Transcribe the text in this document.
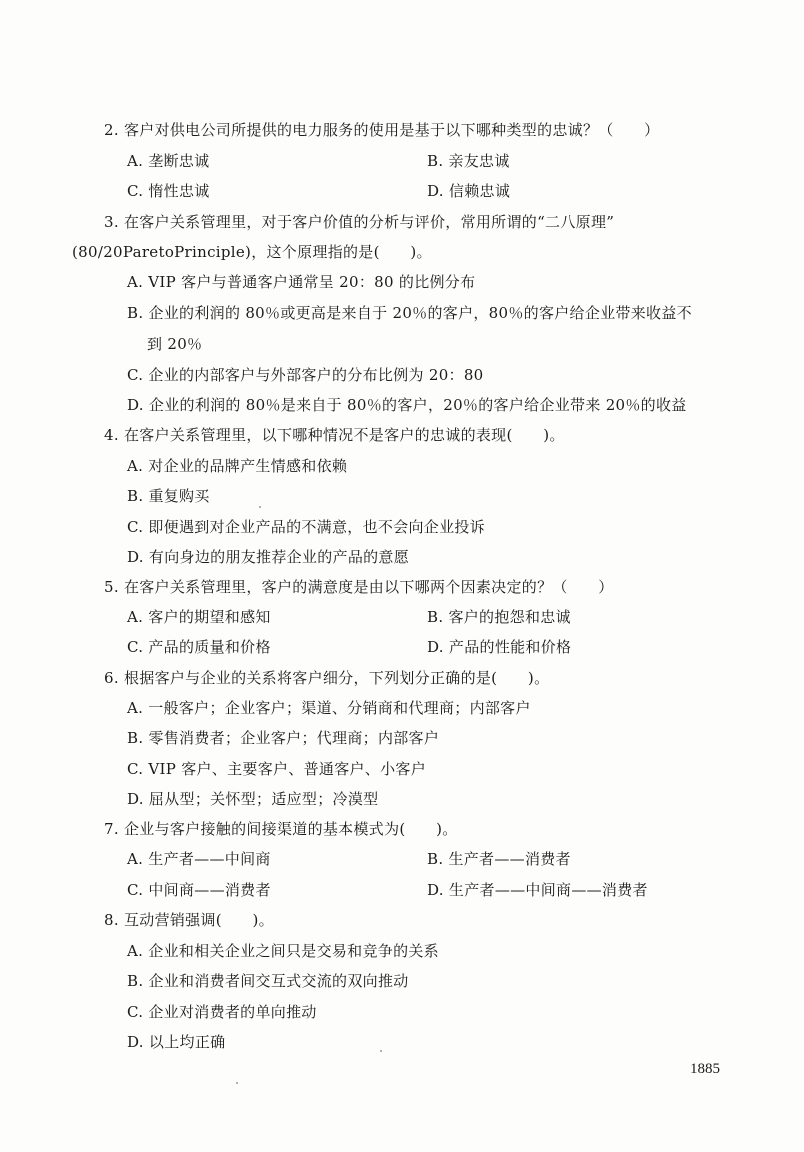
2. 客户对供电公司所提供的电力服务的使用是基于以下哪种类型的忠诚？（　　）
A. 垄断忠诚	B. 亲友忠诚
C. 惰性忠诚	D. 信赖忠诚
3. 在客户关系管理里，对于客户价值的分析与评价，常用所谓的“二八原理”
(80/20ParetoPrinciple)，这个原理指的是(　　)。
A. VIP 客户与普通客户通常呈 20：80 的比例分布
B. 企业的利润的 80％或更高是来自于 20％的客户，80％的客户给企业带来收益不
到 20％
C. 企业的内部客户与外部客户的分布比例为 20：80
D. 企业的利润的 80％是来自于 80％的客户，20％的客户给企业带来 20％的收益
4. 在客户关系管理里，以下哪种情况不是客户的忠诚的表现(　　)。
A. 对企业的品牌产生情感和依赖
B. 重复购买
C. 即便遇到对企业产品的不满意，也不会向企业投诉
D. 有向身边的朋友推荐企业的产品的意愿
5. 在客户关系管理里，客户的满意度是由以下哪两个因素决定的？（　　）
A. 客户的期望和感知	B. 客户的抱怨和忠诚
C. 产品的质量和价格	D. 产品的性能和价格
6. 根据客户与企业的关系将客户细分，下列划分正确的是(　　)。
A. 一般客户；企业客户；渠道、分销商和代理商；内部客户
B. 零售消费者；企业客户；代理商；内部客户
C. VIP 客户、主要客户、普通客户、小客户
D. 屈从型；关怀型；适应型；冷漠型
7. 企业与客户接触的间接渠道的基本模式为(　　)。
A. 生产者——中间商	B. 生产者——消费者
C. 中间商——消费者	D. 生产者——中间商——消费者
8. 互动营销强调(　　)。
A. 企业和相关企业之间只是交易和竞争的关系
B. 企业和消费者间交互式交流的双向推动
C. 企业对消费者的单向推动
D. 以上均正确
1885
